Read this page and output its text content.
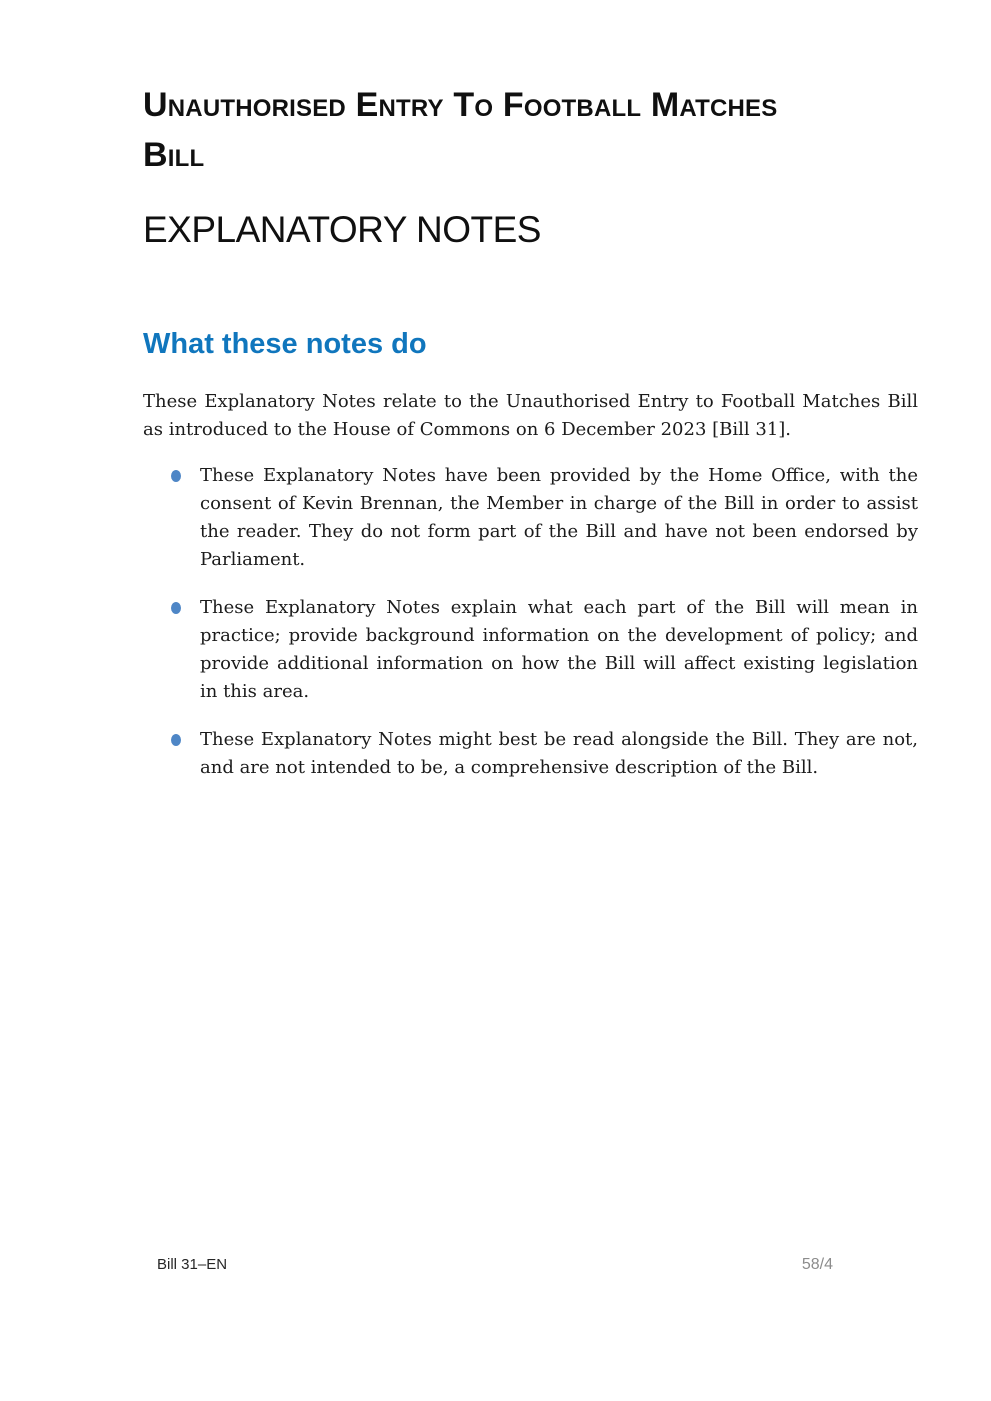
Unauthorised Entry To Football Matches
Bill
EXPLANATORY NOTES
What these notes do

These Explanatory Notes relate to the Unauthorised Entry to Football Matches Bill as introduced to the House of Commons on 6 December 2023 [Bill 31].

These Explanatory Notes have been provided by the Home Office, with the consent of Kevin Brennan, the Member in charge of the Bill in order to assist the reader. They do not form part of the Bill and have not been endorsed by Parliament.
These Explanatory Notes explain what each part of the Bill will mean in practice; provide background information on the development of policy; and provide additional information on how the Bill will affect existing legislation in this area.
These Explanatory Notes might best be read alongside the Bill. They are not, and are not intended to be, a comprehensive description of the Bill.
Bill 31–EN	58/4
